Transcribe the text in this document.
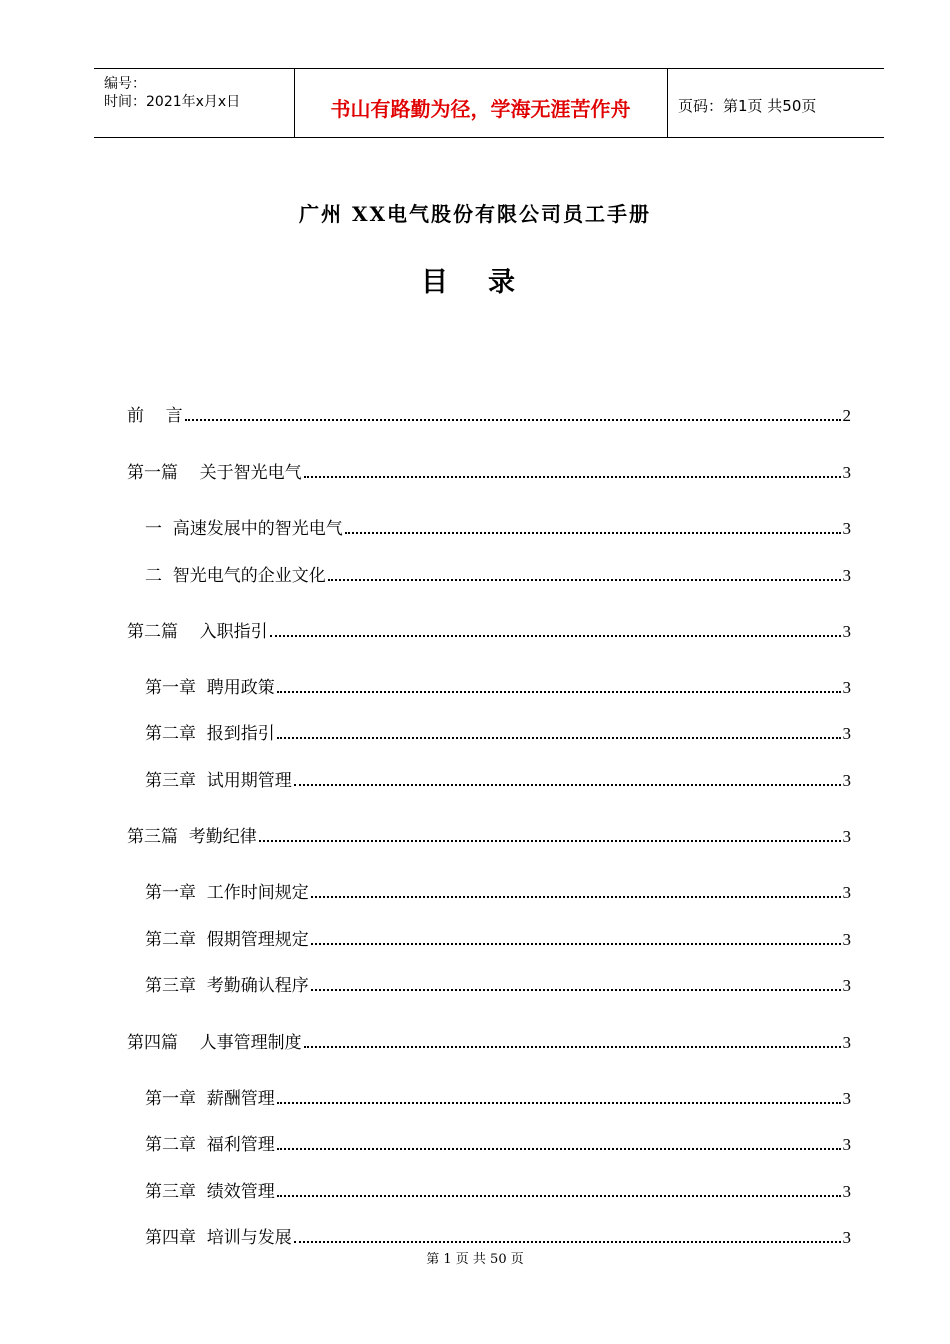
编号：
时间：2021年x月x日	书山有路勤为径，学海无涯苦作舟	页码：第1页 共50页
广州 XX电气股份有限公司员工手册
目录
前    言	2
第一篇    关于智光电气	3
一  高速发展中的智光电气	3
二  智光电气的企业文化	3
第二篇    入职指引	3
第一章  聘用政策	3
第二章  报到指引	3
第三章  试用期管理	3
第三篇  考勤纪律	3
第一章  工作时间规定	3
第二章  假期管理规定	3
第三章  考勤确认程序	3
第四篇    人事管理制度	3
第一章  薪酬管理	3
第二章  福利管理	3
第三章  绩效管理	3
第四章  培训与发展	3
第 1 页 共 50 页
